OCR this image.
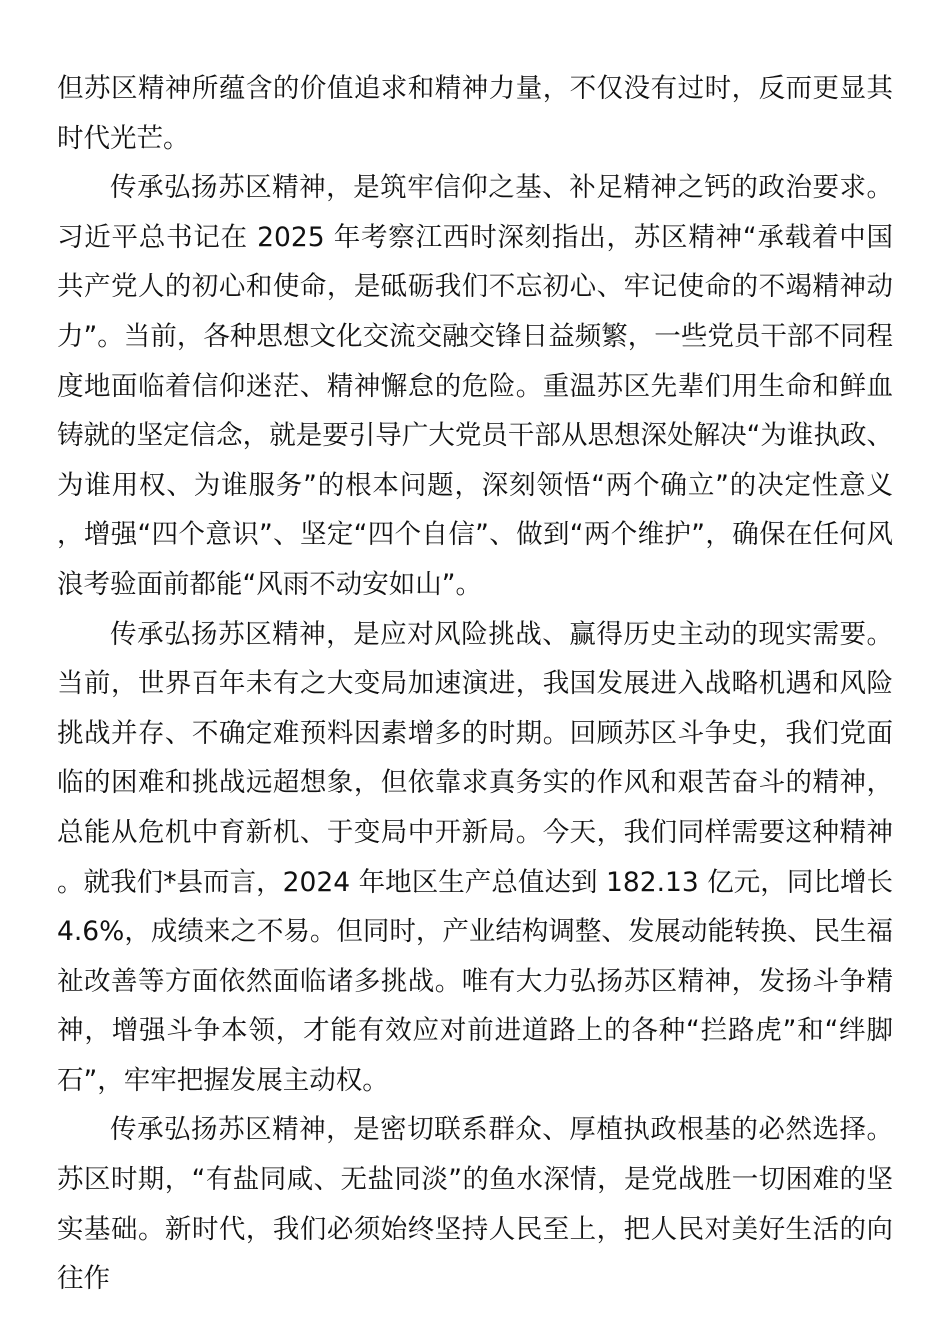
但苏区精神所蕴含的价值追求和精神力量，不仅没有过时，反而更显其时代光芒。

传承弘扬苏区精神，是筑牢信仰之基、补足精神之钙的政治要求。习近平总书记在 2025 年考察江西时深刻指出，苏区精神“承载着中国共产党人的初心和使命，是砥砺我们不忘初心、牢记使命的不竭精神动力”。当前，各种思想文化交流交融交锋日益频繁，一些党员干部不同程度地面临着信仰迷茫、精神懈怠的危险。重温苏区先辈们用生命和鲜血铸就的坚定信念，就是要引导广大党员干部从思想深处解决“为谁执政、为谁用权、为谁服务”的根本问题，深刻领悟“两个确立”的决定性意义，增强“四个意识”、坚定“四个自信”、做到“两个维护”，确保在任何风浪考验面前都能“风雨不动安如山”。

传承弘扬苏区精神，是应对风险挑战、赢得历史主动的现实需要。当前，世界百年未有之大变局加速演进，我国发展进入战略机遇和风险挑战并存、不确定难预料因素增多的时期。回顾苏区斗争史，我们党面临的困难和挑战远超想象，但依靠求真务实的作风和艰苦奋斗的精神，总能从危机中育新机、于变局中开新局。今天，我们同样需要这种精神。就我们*县而言，2024 年地区生产总值达到 182.13 亿元，同比增长 4.6%，成绩来之不易。但同时，产业结构调整、发展动能转换、民生福祉改善等方面依然面临诸多挑战。唯有大力弘扬苏区精神，发扬斗争精神，增强斗争本领，才能有效应对前进道路上的各种“拦路虎”和“绊脚石”，牢牢把握发展主动权。

传承弘扬苏区精神，是密切联系群众、厚植执政根基的必然选择。苏区时期，“有盐同咸、无盐同淡”的鱼水深情，是党战胜一切困难的坚实基础。新时代，我们必须始终坚持人民至上，把人民对美好生活的向往作
